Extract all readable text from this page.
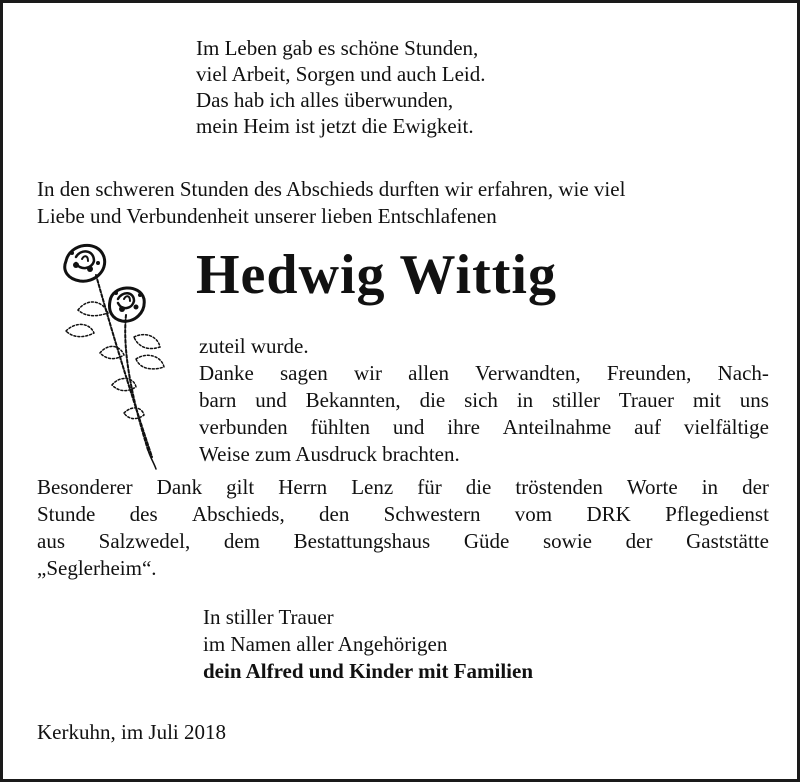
Im Leben gab es schöne Stunden,
viel Arbeit, Sorgen und auch Leid.
Das hab ich alles überwunden,
mein Heim ist jetzt die Ewigkeit.
In den schweren Stunden des Abschieds durften wir erfahren, wie viel
Liebe und Verbundenheit unserer lieben Entschlafenen
Hedwig Wittig
zuteil wurde.
Danke sagen wir allen Verwandten, Freunden, Nach-
barn und Bekannten, die sich in stiller Trauer mit uns
verbunden fühlten und ihre Anteilnahme auf vielfältige
Weise zum Ausdruck brachten.
Besonderer Dank gilt Herrn Lenz für die tröstenden Worte in der
Stunde des Abschieds, den Schwestern vom DRK Pflegedienst
aus Salzwedel, dem Bestattungshaus Güde sowie der Gaststätte
„Seglerheim“.
In stiller Trauer
im Namen aller Angehörigen
dein Alfred und Kinder mit Familien
Kerkuhn, im Juli 2018
